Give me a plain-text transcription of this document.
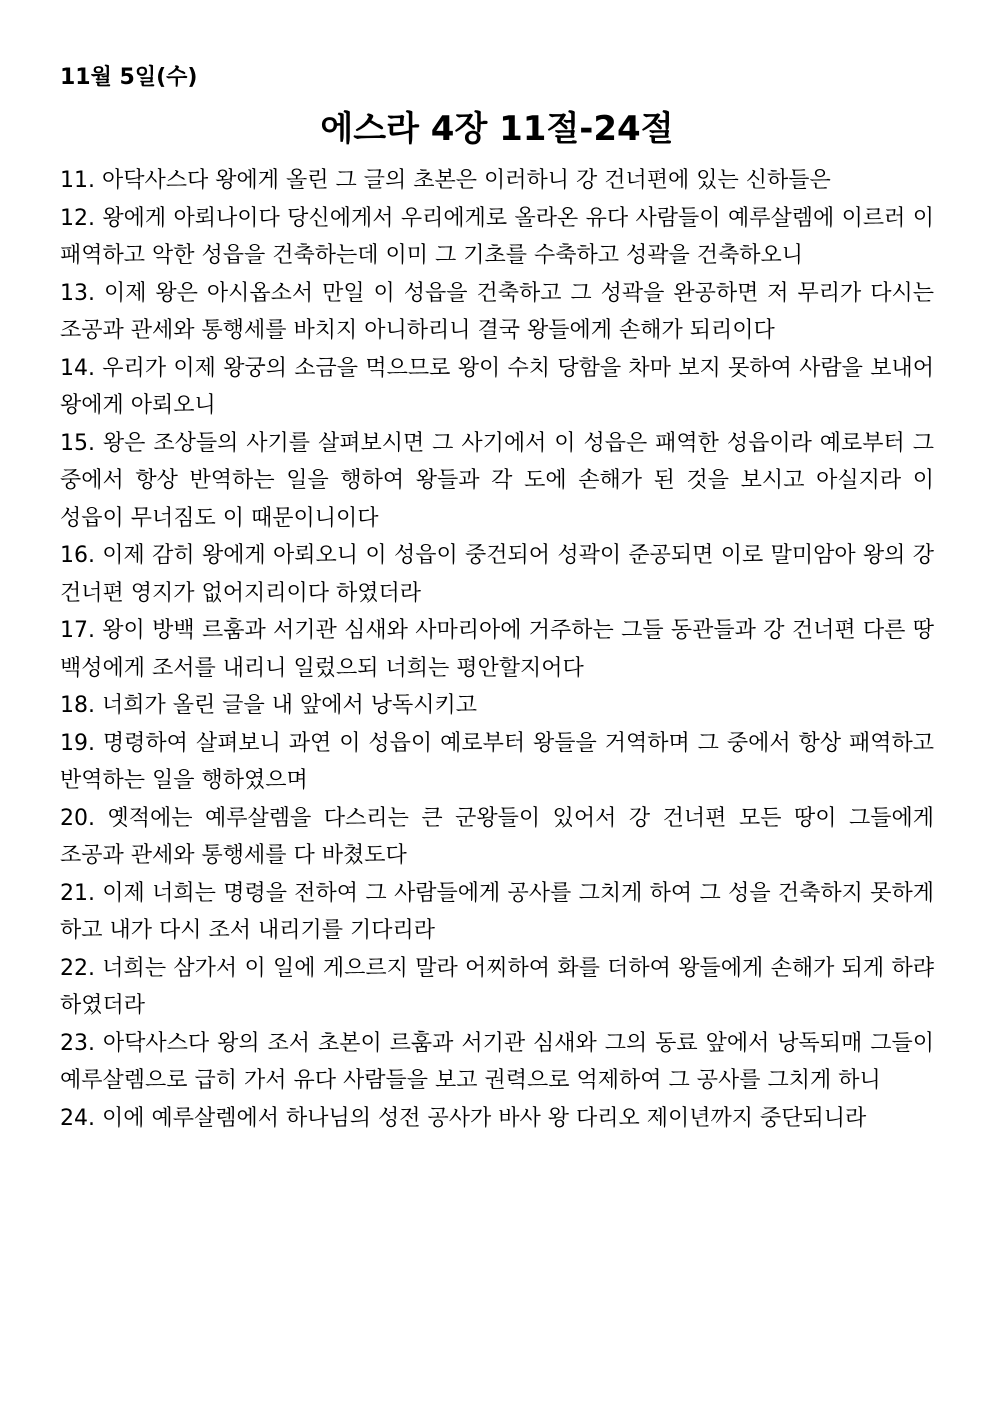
11월 5일(수)
에스라 4장 11절-24절
11. 아닥사스다 왕에게 올린 그 글의 초본은 이러하니 강 건너편에 있는 신하들은
12. 왕에게 아뢰나이다 당신에게서 우리에게로 올라온 유다 사람들이 예루살렘에 이르러 이 패역하고 악한 성읍을 건축하는데 이미 그 기초를 수축하고 성곽을 건축하오니
13. 이제 왕은 아시옵소서 만일 이 성읍을 건축하고 그 성곽을 완공하면 저 무리가 다시는 조공과 관세와 통행세를 바치지 아니하리니 결국 왕들에게 손해가 되리이다
14. 우리가 이제 왕궁의 소금을 먹으므로 왕이 수치 당함을 차마 보지 못하여 사람을 보내어 왕에게 아뢰오니
15. 왕은 조상들의 사기를 살펴보시면 그 사기에서 이 성읍은 패역한 성읍이라 예로부터 그 중에서 항상 반역하는 일을 행하여 왕들과 각 도에 손해가 된 것을 보시고 아실지라 이 성읍이 무너짐도 이 때문이니이다
16. 이제 감히 왕에게 아뢰오니 이 성읍이 중건되어 성곽이 준공되면 이로 말미암아 왕의 강 건너편 영지가 없어지리이다 하였더라
17. 왕이 방백 르훔과 서기관 심새와 사마리아에 거주하는 그들 동관들과 강 건너편 다른 땅 백성에게 조서를 내리니 일렀으되 너희는 평안할지어다
18. 너희가 올린 글을 내 앞에서 낭독시키고
19. 명령하여 살펴보니 과연 이 성읍이 예로부터 왕들을 거역하며 그 중에서 항상 패역하고 반역하는 일을 행하였으며
20. 옛적에는 예루살렘을 다스리는 큰 군왕들이 있어서 강 건너편 모든 땅이 그들에게 조공과 관세와 통행세를 다 바쳤도다
21. 이제 너희는 명령을 전하여 그 사람들에게 공사를 그치게 하여 그 성을 건축하지 못하게 하고 내가 다시 조서 내리기를 기다리라
22. 너희는 삼가서 이 일에 게으르지 말라 어찌하여 화를 더하여 왕들에게 손해가 되게 하랴 하였더라
23. 아닥사스다 왕의 조서 초본이 르훔과 서기관 심새와 그의 동료 앞에서 낭독되매 그들이 예루살렘으로 급히 가서 유다 사람들을 보고 권력으로 억제하여 그 공사를 그치게 하니
24. 이에 예루살렘에서 하나님의 성전 공사가 바사 왕 다리오 제이년까지 중단되니라
